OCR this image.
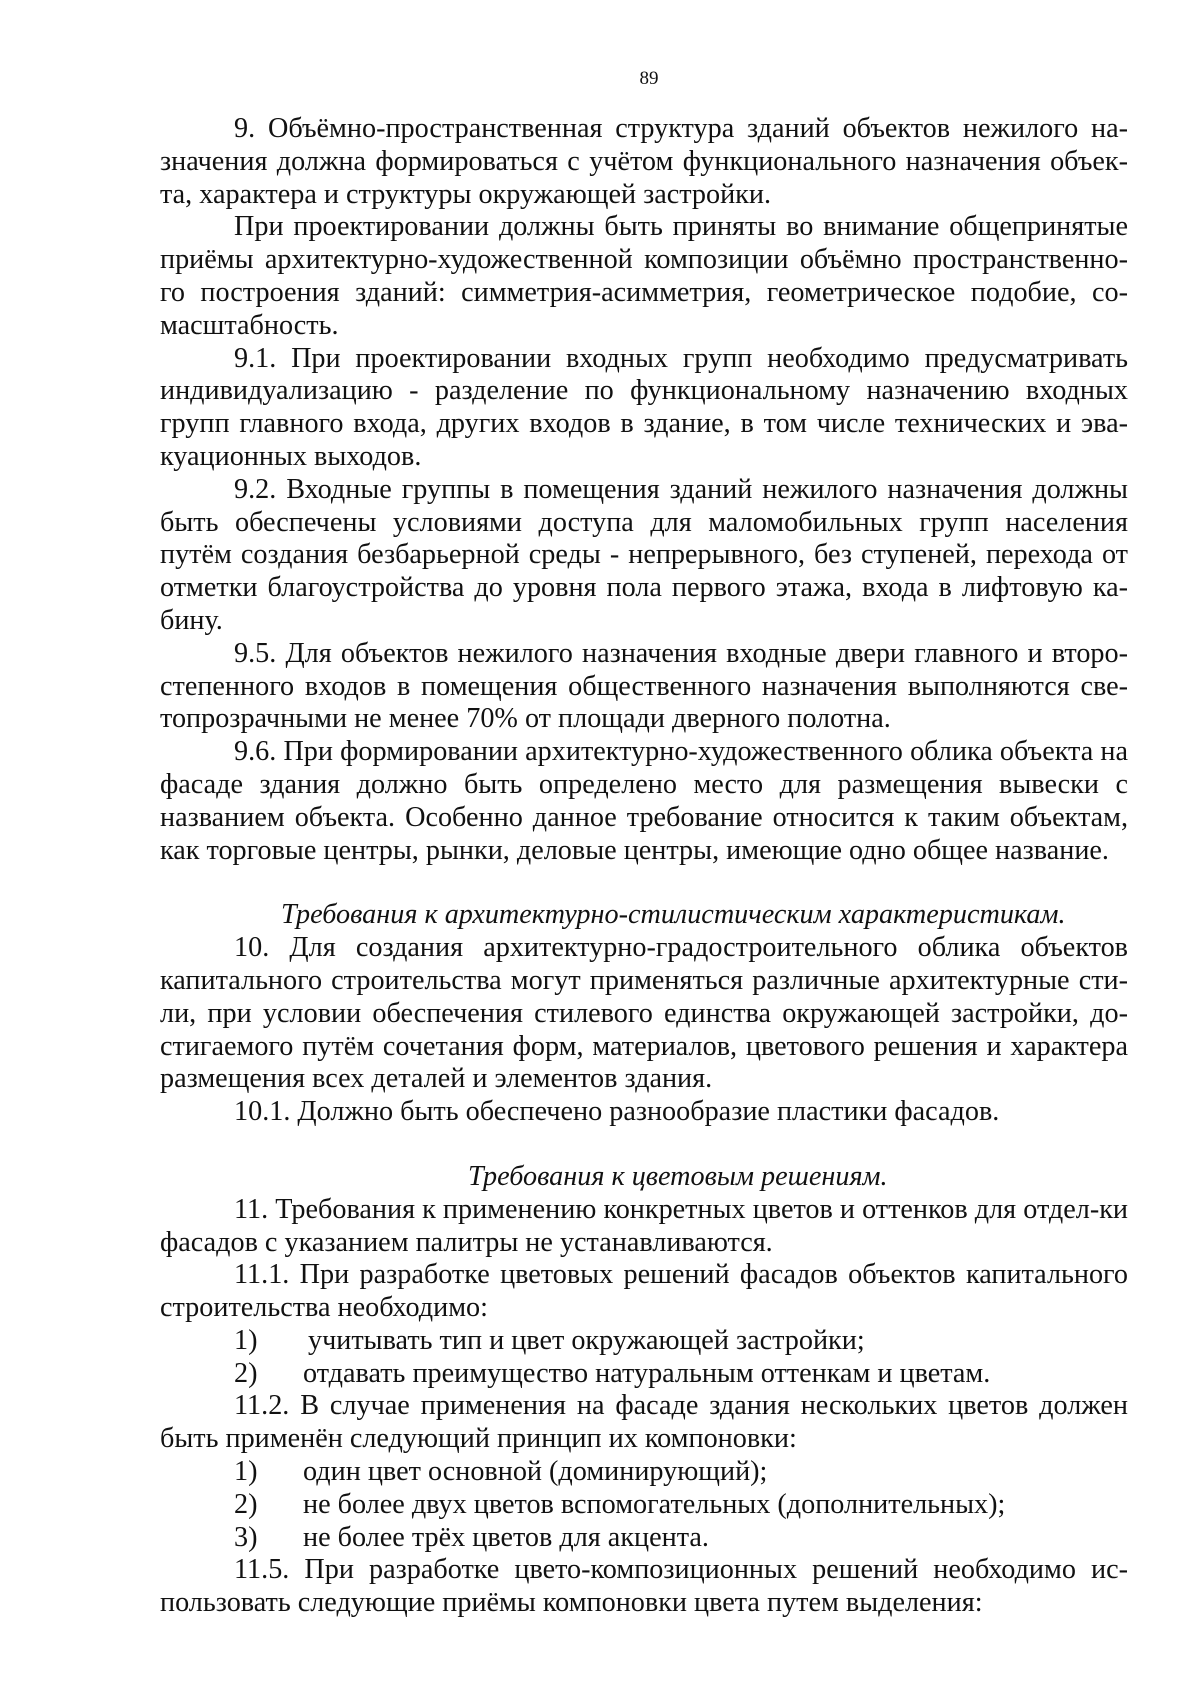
89

9. Объёмно-пространственная структура зданий объектов нежилого на-значения должна формироваться с учётом функционального назначения объек-та, характера и структуры окружающей застройки.

При проектировании должны быть приняты во внимание общепринятые приёмы архитектурно-художественной композиции объёмно пространственно-го построения зданий: симметрия-асимметрия, геометрическое подобие, со-масштабность.

9.1. При проектировании входных групп необходимо предусматривать индивидуализацию - разделение по функциональному назначению входных групп главного входа, других входов в здание, в том числе технических и эва-куационных выходов.

9.2. Входные группы в помещения зданий нежилого назначения должны быть обеспечены условиями доступа для маломобильных групп населения путём создания безбарьерной среды - непрерывного, без ступеней, перехода от отметки благоустройства до уровня пола первого этажа, входа в лифтовую ка-бину.

9.5. Для объектов нежилого назначения входные двери главного и второ-степенного входов в помещения общественного назначения выполняются све-топрозрачными не менее 70% от площади дверного полотна.

9.6. При формировании архитектурно-художественного облика объекта на фасаде здания должно быть определено место для размещения вывески с названием объекта. Особенно данное требование относится к таким объектам, как торговые центры, рынки, деловые центры, имеющие одно общее название.

Требования к архитектурно-стилистическим характеристикам.

10. Для создания архитектурно-градостроительного облика объектов капитального строительства могут применяться различные архитектурные сти-ли, при условии обеспечения стилевого единства окружающей застройки, до-стигаемого путём сочетания форм, материалов, цветового решения и характера размещения всех деталей и элементов здания.

10.1. Должно быть обеспечено разнообразие пластики фасадов.

Требования к цветовым решениям.

11. Требования к применению конкретных цветов и оттенков для отдел-ки фасадов с указанием палитры не устанавливаются.

11.1. При разработке цветовых решений фасадов объектов капитального строительства необходимо:

1)	учитывать тип и цвет окружающей застройки;
2)	отдавать преимущество натуральным оттенкам и цветам.

11.2. В случае применения на фасаде здания нескольких цветов должен быть применён следующий принцип их компоновки:

1)	один цвет основной (доминирующий);
2)	не более двух цветов вспомогательных (дополнительных);
3)	не более трёх цветов для акцента.

11.5. При разработке цвето-композиционных решений необходимо ис-пользовать следующие приёмы компоновки цвета путем выделения:
